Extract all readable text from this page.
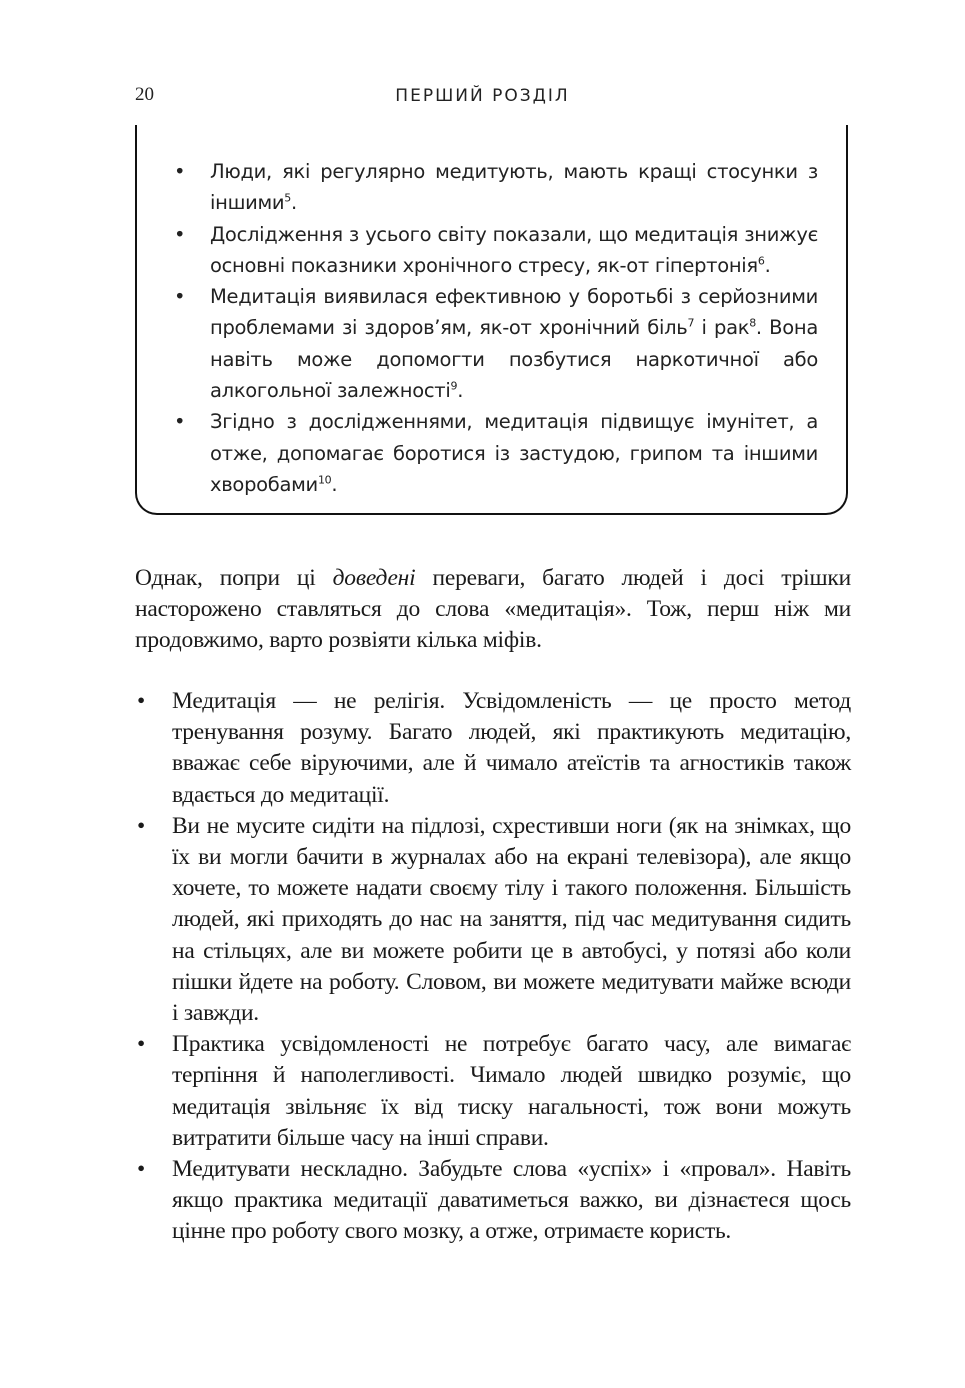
20	ПЕРШИЙ РОЗДІЛ
• Люди, які регулярно медитують, мають кращі стосунки з іншими$^5$.
• Дослідження з усього світу показали, що медитація знижує основні показники хронічного стресу, як-от гіпертонія$^6$.
• Медитація виявилася ефективною у боротьбі з серйозними проблемами зі здоров’ям, як-от хронічний біль$^7$ і рак$^8$. Вона навіть може допомогти позбутися наркотичної або алкогольної залежності$^9$.
• Згідно з дослідженнями, медитація підвищує імунітет, а отже, допомагає боротися із застудою, грипом та іншими хворобами$^{10}$.

Однак, попри ці доведені переваги, багато людей і досі трішки насторожено ставляться до слова «медитація». Тож, перш ніж ми продовжимо, варто розвіяти кілька міфів.

• Медитація — не релігія. Усвідомленість — це просто метод тренування розуму. Багато людей, які практикують медитацію, вважає себе віруючими, але й чимало атеїстів та агностиків також вдається до медитації.
• Ви не мусите сидіти на підлозі, схрестивши ноги (як на знімках, що їх ви могли бачити в журналах або на екрані телевізора), але якщо хочете, то можете надати своєму тілу і такого положення. Більшість людей, які приходять до нас на заняття, під час медитування сидить на стільцях, але ви можете робити це в автобусі, у потязі або коли пішки йдете на роботу. Словом, ви можете медитувати майже всюди і завжди.
• Практика усвідомленості не потребує багато часу, але вимагає терпіння й наполегливості. Чимало людей швидко розуміє, що медитація звільняє їх від тиску нагальності, тож вони можуть витратити більше часу на інші справи.
• Медитувати нескладно. Забудьте слова «успіх» і «провал». Навіть якщо практика медитації даватиметься важко, ви дізнаєтеся щось цінне про роботу свого мозку, а отже, отримаєте користь.
